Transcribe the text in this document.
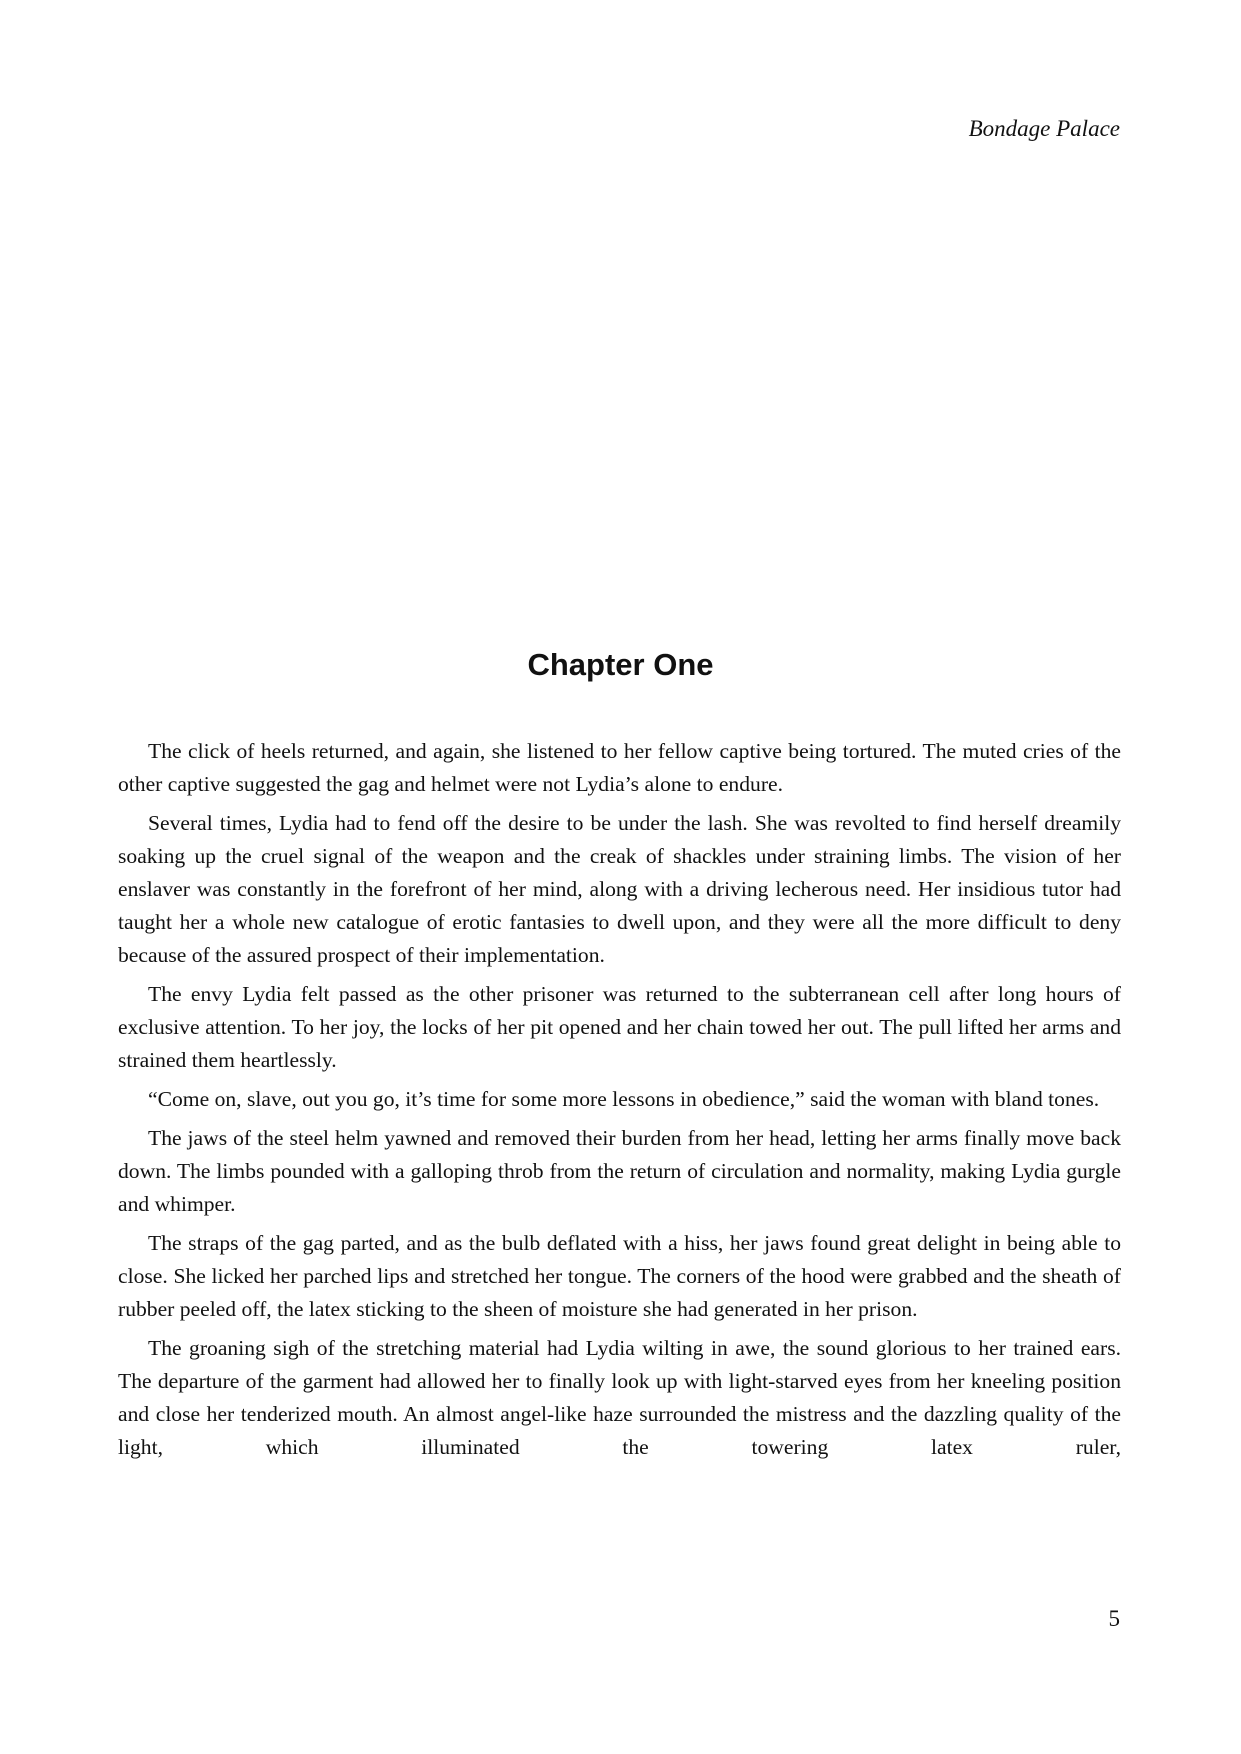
Bondage Palace
Chapter One

The click of heels returned, and again, she listened to her fellow captive being tortured. The muted cries of the other captive suggested the gag and helmet were not Lydia’s alone to endure.

Several times, Lydia had to fend off the desire to be under the lash. She was revolted to find herself dreamily soaking up the cruel signal of the weapon and the creak of shackles under straining limbs. The vision of her enslaver was constantly in the forefront of her mind, along with a driving lecherous need. Her insidious tutor had taught her a whole new catalogue of erotic fantasies to dwell upon, and they were all the more difficult to deny because of the assured prospect of their implementation.

The envy Lydia felt passed as the other prisoner was returned to the subterranean cell after long hours of exclusive attention. To her joy, the locks of her pit opened and her chain towed her out. The pull lifted her arms and strained them heartlessly.

“Come on, slave, out you go, it’s time for some more lessons in obedience,” said the woman with bland tones.

The jaws of the steel helm yawned and removed their burden from her head, letting her arms finally move back down. The limbs pounded with a galloping throb from the return of circulation and normality, making Lydia gurgle and whimper.

The straps of the gag parted, and as the bulb deflated with a hiss, her jaws found great delight in being able to close. She licked her parched lips and stretched her tongue. The corners of the hood were grabbed and the sheath of rubber peeled off, the latex sticking to the sheen of moisture she had generated in her prison.

The groaning sigh of the stretching material had Lydia wilting in awe, the sound glorious to her trained ears. The departure of the garment had allowed her to finally look up with light-starved eyes from her kneeling position and close her tenderized mouth. An almost angel-like haze surrounded the mistress and the dazzling quality of the light, which illuminated the towering latex ruler,

5
